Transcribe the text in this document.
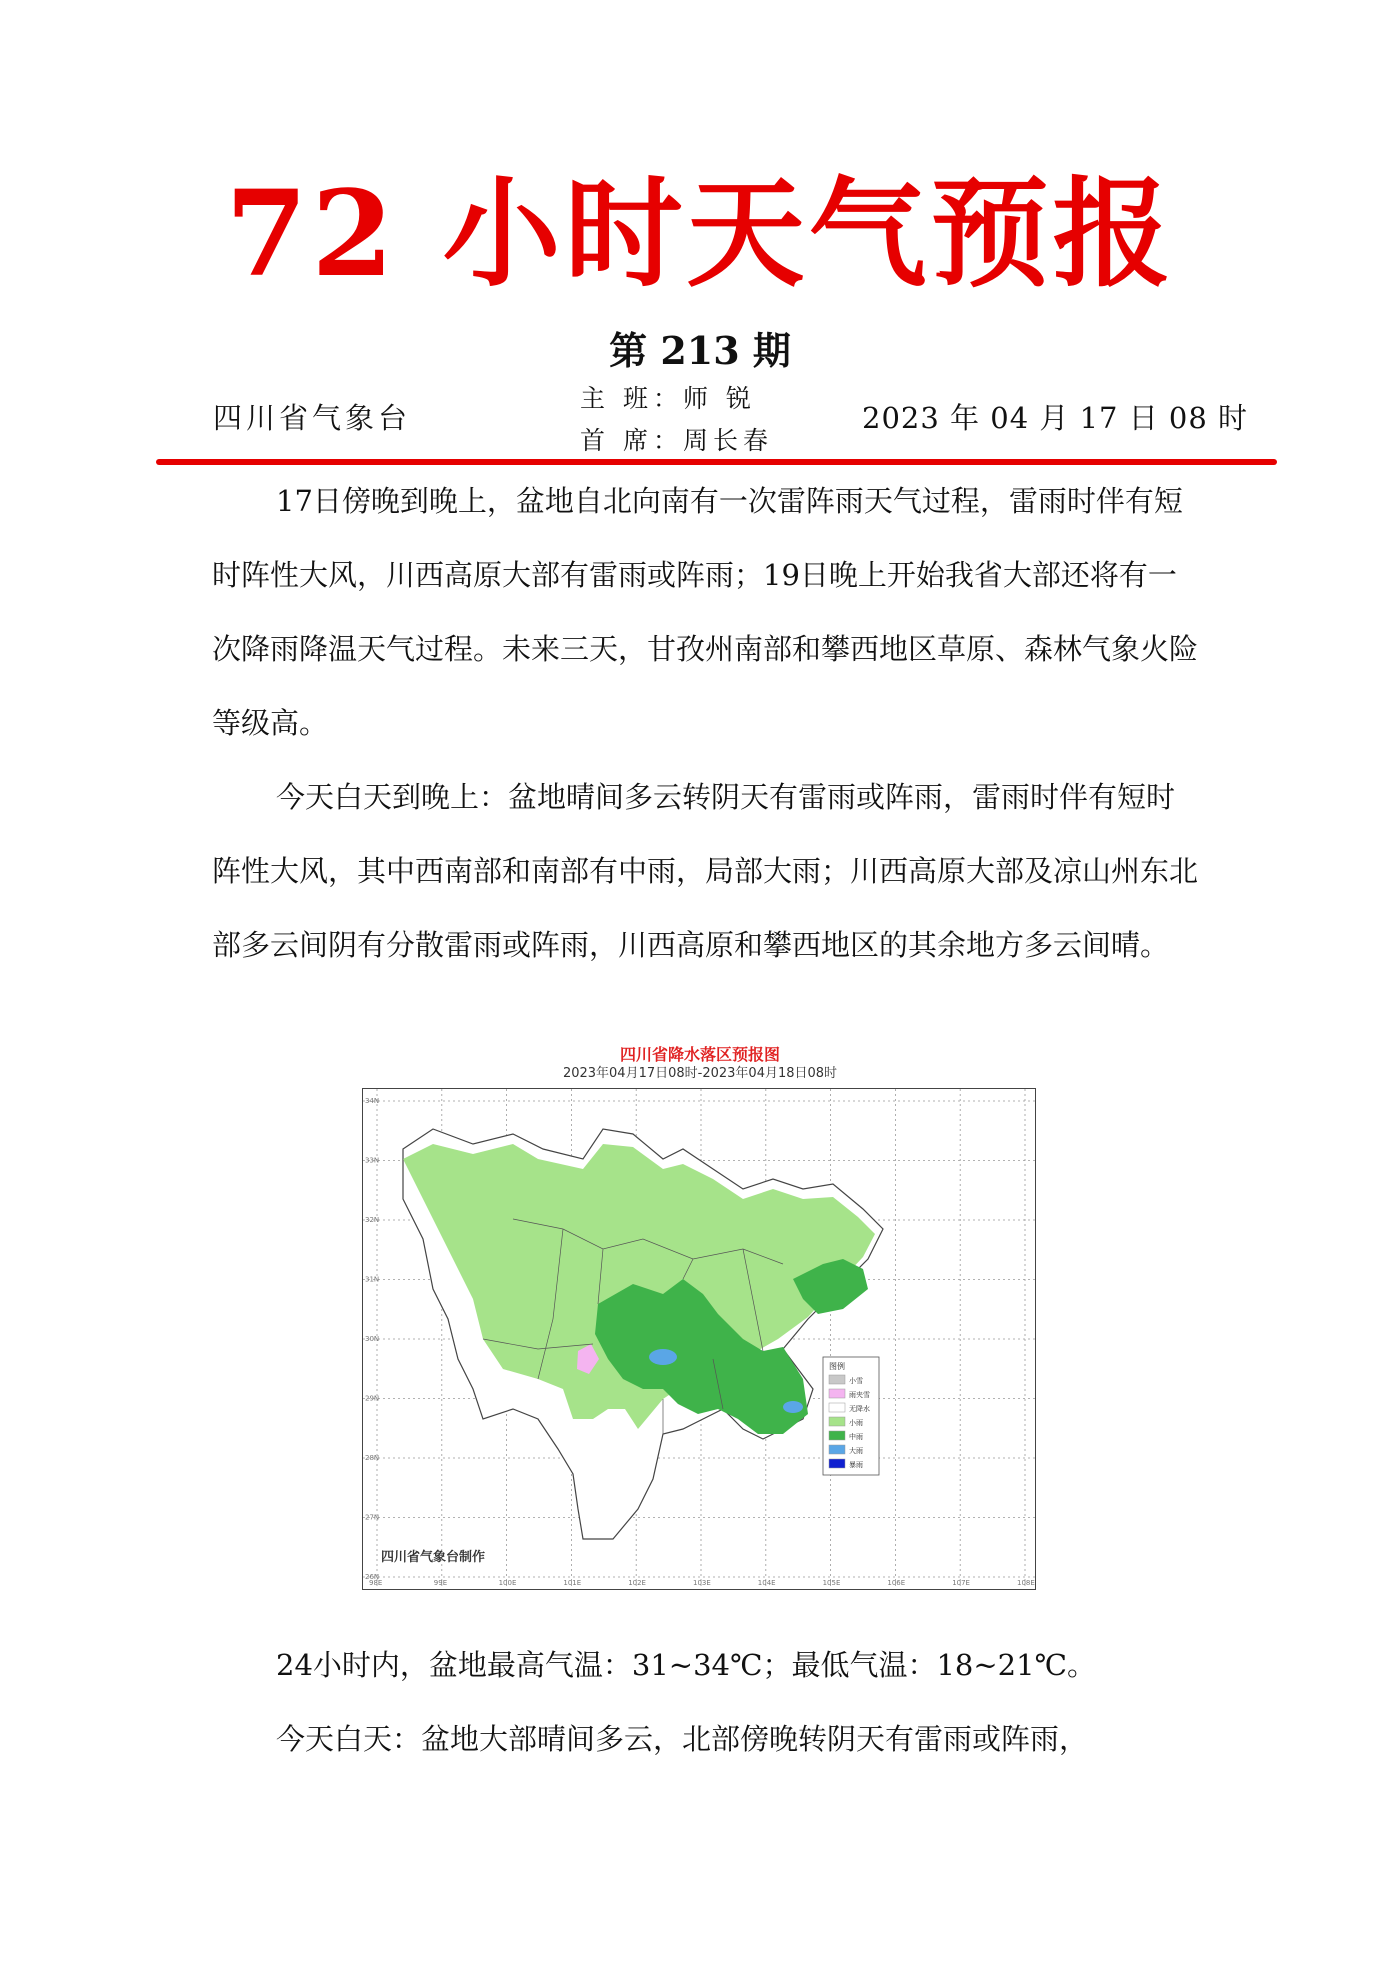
72 小时天气预报
第 213 期
四川省气象台
主 班：师 锐
首 席：周长春
2023 年 04 月 17 日 08 时

17日傍晚到晚上，盆地自北向南有一次雷阵雨天气过程，雷雨时伴有短时阵性大风，川西高原大部有雷雨或阵雨；19日晚上开始我省大部还将有一次降雨降温天气过程。未来三天，甘孜州南部和攀西地区草原、森林气象火险等级高。

今天白天到晚上：盆地晴间多云转阴天有雷雨或阵雨，雷雨时伴有短时阵性大风，其中西南部和南部有中雨，局部大雨；川西高原大部及凉山州东北部多云间阴有分散雷雨或阵雨，川西高原和攀西地区的其余地方多云间晴。

四川省降水落区预报图
2023年04月17日08时-2023年04月18日08时
34N
33N
32N
31N
30N
29N
28N
27N
26N
98E	99E	100E	101E	102E	103E	104E	105E	106E	107E	108E
四川省气象台制作
图例
小雪
雨夹雪
无降水
小雨
中雨
大雨
暴雨

24小时内，盆地最高气温：31~34℃；最低气温：18~21℃。

今天白天：盆地大部晴间多云，北部傍晚转阴天有雷雨或阵雨，
